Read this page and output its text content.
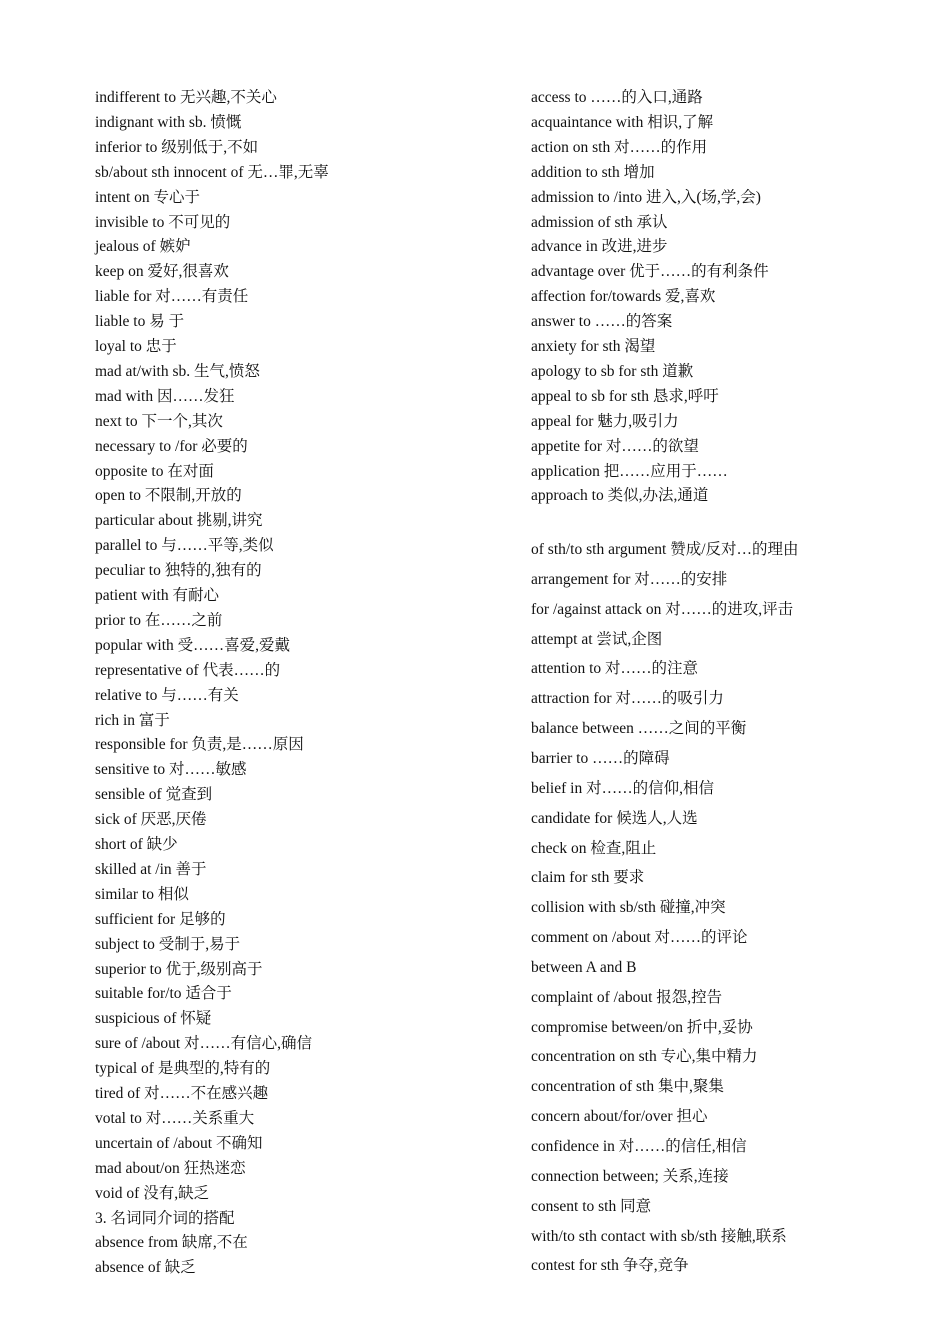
indifferent to 无兴趣,不关心
indignant with sb. 愤慨
inferior to 级别低于,不如
sb/about sth innocent of 无…罪,无辜
intent on 专心于
invisible to 不可见的
jealous of 嫉妒
keep on 爱好,很喜欢
liable for 对……有责任
liable to 易 于
loyal to 忠于
mad at/with sb. 生气,愤怒
mad with 因……发狂
next to 下一个,其次
necessary to /for 必要的
opposite to 在对面
open to 不限制,开放的
particular about 挑剔,讲究
parallel to 与……平等,类似
peculiar to 独特的,独有的
patient with 有耐心
prior to 在……之前
popular with 受……喜爱,爱戴
representative of 代表……的
relative to 与……有关
rich in 富于
responsible for 负责,是……原因
sensitive to 对……敏感
sensible of 觉查到
sick of 厌恶,厌倦
short of 缺少
skilled at /in 善于
similar to 相似
sufficient for 足够的
subject to 受制于,易于
superior to 优于,级别高于
suitable for/to 适合于
suspicious of 怀疑
sure of /about 对……有信心,确信
typical of 是典型的,特有的
tired of 对……不在感兴趣
votal to 对……关系重大
uncertain of /about 不确知
mad about/on 狂热迷恋
void of 没有,缺乏
3. 名词同介词的搭配
absence from 缺席,不在
absence of 缺乏
access to ……的入口,通路
acquaintance with 相识,了解
action on sth 对……的作用
addition to sth 增加
admission to /into 进入,入(场,学,会)
admission of sth 承认
advance in 改进,进步
advantage over 优于……的有利条件
affection for/towards 爱,喜欢
answer to ……的答案
anxiety for sth 渴望
apology to sb for sth 道歉
appeal to sb for sth 恳求,呼吁
appeal for 魅力,吸引力
appetite for 对……的欲望
application 把……应用于……
approach to 类似,办法,通道
of sth/to sth argument 赞成/反对…的理由
arrangement for 对……的安排
for /against attack on 对……的进攻,评击
attempt at 尝试,企图
attention to 对……的注意
attraction for 对……的吸引力
balance between ……之间的平衡
barrier to ……的障碍
belief in 对……的信仰,相信
candidate for 候选人,人选
check on 检查,阻止
claim for sth 要求
collision with sb/sth 碰撞,冲突
comment on /about 对……的评论
between A and B
complaint of /about 报怨,控告
compromise between/on 折中,妥协
concentration on sth 专心,集中精力
concentration of sth 集中,聚集
concern about/for/over 担心
confidence in 对……的信任,相信
connection between; 关系,连接
consent to sth 同意
with/to sth contact with sb/sth 接触,联系
contest for sth 争夺,竞争
